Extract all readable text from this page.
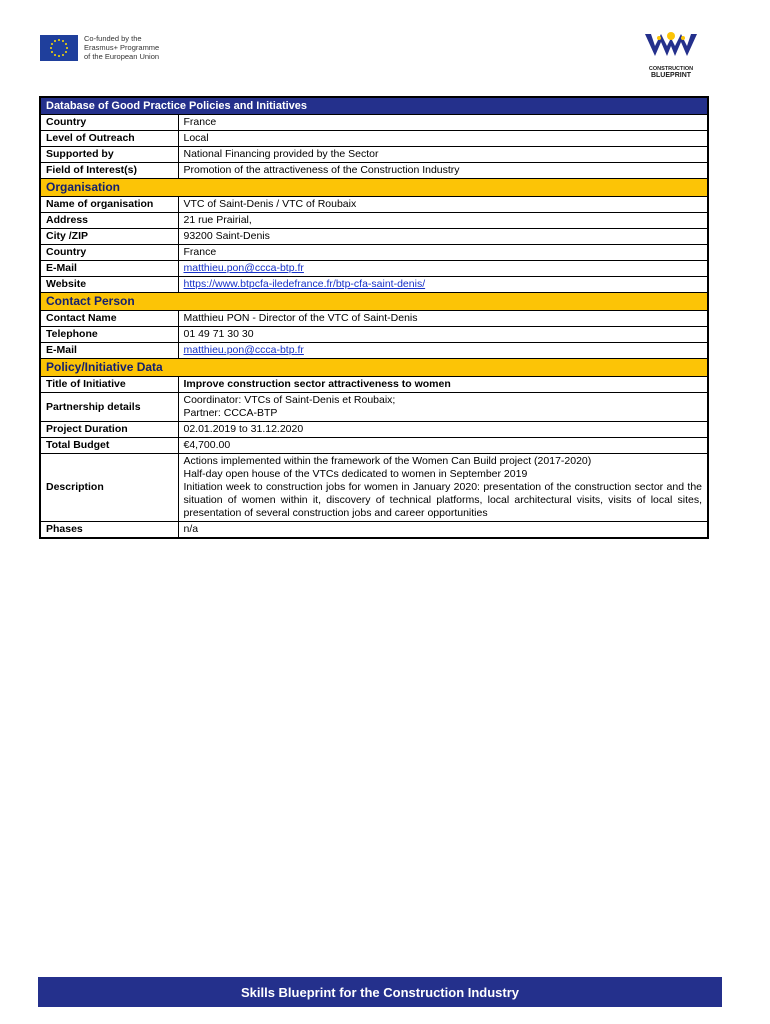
Co-funded by the
Erasmus+ Programme
of the European Union
CONSTRUCTION
BLUEPRINT
Database of Good Practice Policies and Initiatives	
Country	France
Level of Outreach	Local
Supported by	National Financing provided by the Sector
Field of Interest(s)	Promotion of the attractiveness of the Construction Industry
Organisation	
Name of organisation	VTC of Saint-Denis / VTC of Roubaix
Address	21 rue Prairial,
City /ZIP	93200 Saint-Denis
Country	France
E-Mail	matthieu.pon@ccca-btp.fr
Website	https://www.btpcfa-iledefrance.fr/btp-cfa-saint-denis/
Contact Person	
Contact Name	Matthieu PON - Director of the VTC of Saint-Denis
Telephone	01 49 71 30 30
E-Mail	matthieu.pon@ccca-btp.fr
Policy/Initiative Data	
Title of Initiative	Improve construction sector attractiveness to women
Partnership details	Coordinator: VTCs of Saint-Denis et Roubaix;
Partner: CCCA-BTP

Project Duration	02.01.2019 to 31.12.2020
Total Budget	€4,700.00
Description	Actions implemented within the framework of the Women Can Build project (2017-2020)
Half-day open house of the VTCs dedicated to women in September 2019
Initiation week to construction jobs for women in January 2020: presentation of the construction sector and the situation of women within it, discovery of technical platforms, local architectural visits, visits of local sites, presentation of several construction jobs and career opportunities

Phases	n/a
Skills Blueprint for the Construction Industry
